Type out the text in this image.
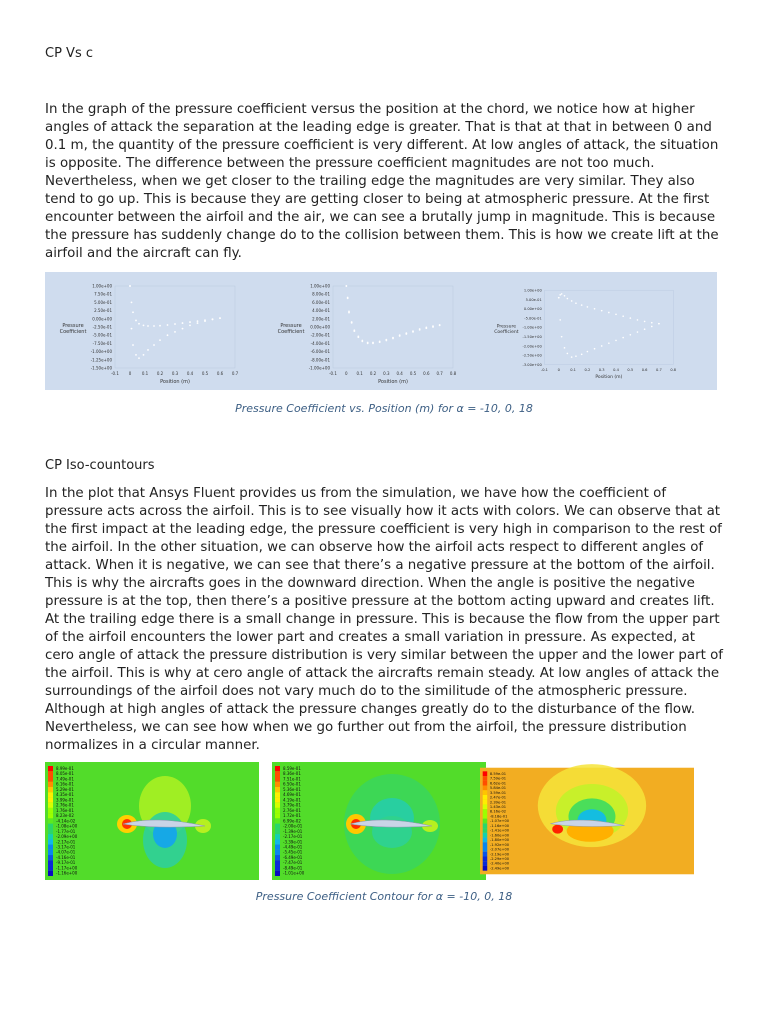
CP Vs c

In the graph of the pressure coefficient versus the position at the chord, we notice how at higher angles of attack the separation at the leading edge is greater. That is that at that in between 0 and 0.1 m, the quantity of the pressure coefficient is very different. At low angles of attack, the situation is opposite. The difference between the pressure coefficient magnitudes are not too much. Nevertheless, when we get closer to the trailing edge the magnitudes are very similar. They also tend to go up. This is because they are getting closer to being at atmospheric pressure. At the first encounter between the airfoil and the air, we can see a brutally jump in magnitude. This is because the pressure has suddenly change do to the collision between them. This is how we create lift at the airfoil and the aircraft can fly.

1.00e+00
7.50e-01
5.00e-01
2.50e-01
0.00e+00
-2.50e-01
-5.00e-01
-7.50e-01
-1.00e+00
-1.25e+00
-1.50e+00
-0.1 0	0.1 0.2 0.3 0.4 0.5 0.6 0.7
Position (m)
Pressure Coefficient
1.00e+00
8.00e-01
6.00e-01
4.00e-01
2.00e-01
0.00e+00
-2.00e-01
-4.00e-01
-6.00e-01
-8.00e-01
-1.00e+00
-0.1 0 0.1 0.2 0.3 0.4 0.5 0.6 0.7 0.8
Position (m)
Pressure Coefficient
1.00e+00
5.00e-01
0.00e+00
-5.00e-01
-1.00e+00
-1.50e+00
-2.00e+00
-2.50e+00
-3.00e+00
-0.1 0	0.1 0.2 0.3 0.4 0.5 0.6 0.7 0.8
Position (m)
Pressure Coefficient
Pressure Coefficient vs. Position (m) for α = -10, 0, 18
CP Iso-countours

In the plot that Ansys Fluent provides us from the simulation, we have how the coefficient of pressure acts across the airfoil. This is to see visually how it acts with colors. We can observe that at the first impact at the leading edge, the pressure coefficient is very high in comparison to the rest of the airfoil. In the other situation, we can observe how the airfoil acts respect to different angles of attack. When it is negative, we can see that there’s a negative pressure at the bottom of the airfoil. This is why the aircrafts goes in the downward direction. When the angle is positive the negative pressure is at the top, then there’s a positive pressure at the bottom acting upward and creates lift. At the trailing edge there is a small change in pressure. This is because the flow from the upper part of the airfoil encounters the lower part and creates a small variation in pressure. As expected, at cero angle of attack the pressure distribution is very similar between the upper and the lower part of the airfoil. This is why at cero angle of attack the aircrafts remain steady. At low angles of attack the surroundings of the airfoil does not vary much do to the similitude of the atmospheric pressure. Although at high angles of attack the pressure changes greatly do to the disturbance of the flow. Nevertheless, we can see how when we go further out from the airfoil, the pressure distribution normalizes in a circular manner.

8.99e-01
8.05e-01
7.49e-01
6.16e-01
5.29e-01
4.35e-01
3.99e-01
2.76e-01
1.76e-01
8.23e-02
-4.14e-02
-1.08e+00
-1.77e-01
-2.09e+00
-2.17e-01
-3.17e-01
-4.07e-01
-4.16e-01
-9.17e-01
-1.17e+00
-1.16e+00
8.59e-01
8.36e-01
7.51e-01
6.50e-01
5.36e-01
4.69e-01
4.19e-01
3.79e-01
2.76e-01
1.72e-01
6.99e-02
-2.00e-01
-1.39e-01
-2.17e-01
-3.39e-01
-4.49e-01
-5.45e-01
-6.49e-01
-7.47e-01
-8.49e-01
-1.01e+00
8.59e-01
7.59e-01
6.62e-01
5.84e-01
3.59e-01
2.47e-01
2.39e-01
1.43e-01
8.16e-02
-8.18e-01
-1.07e+00
-1.16e+00
-1.41e+00
-1.60e+00
-1.80e+00
-1.92e+00
-2.07e+00
-2.19e+00
-2.29e+00
-2.40e+00
-2.49e+00
Pressure Coefficient Contour for α = -10, 0, 18
